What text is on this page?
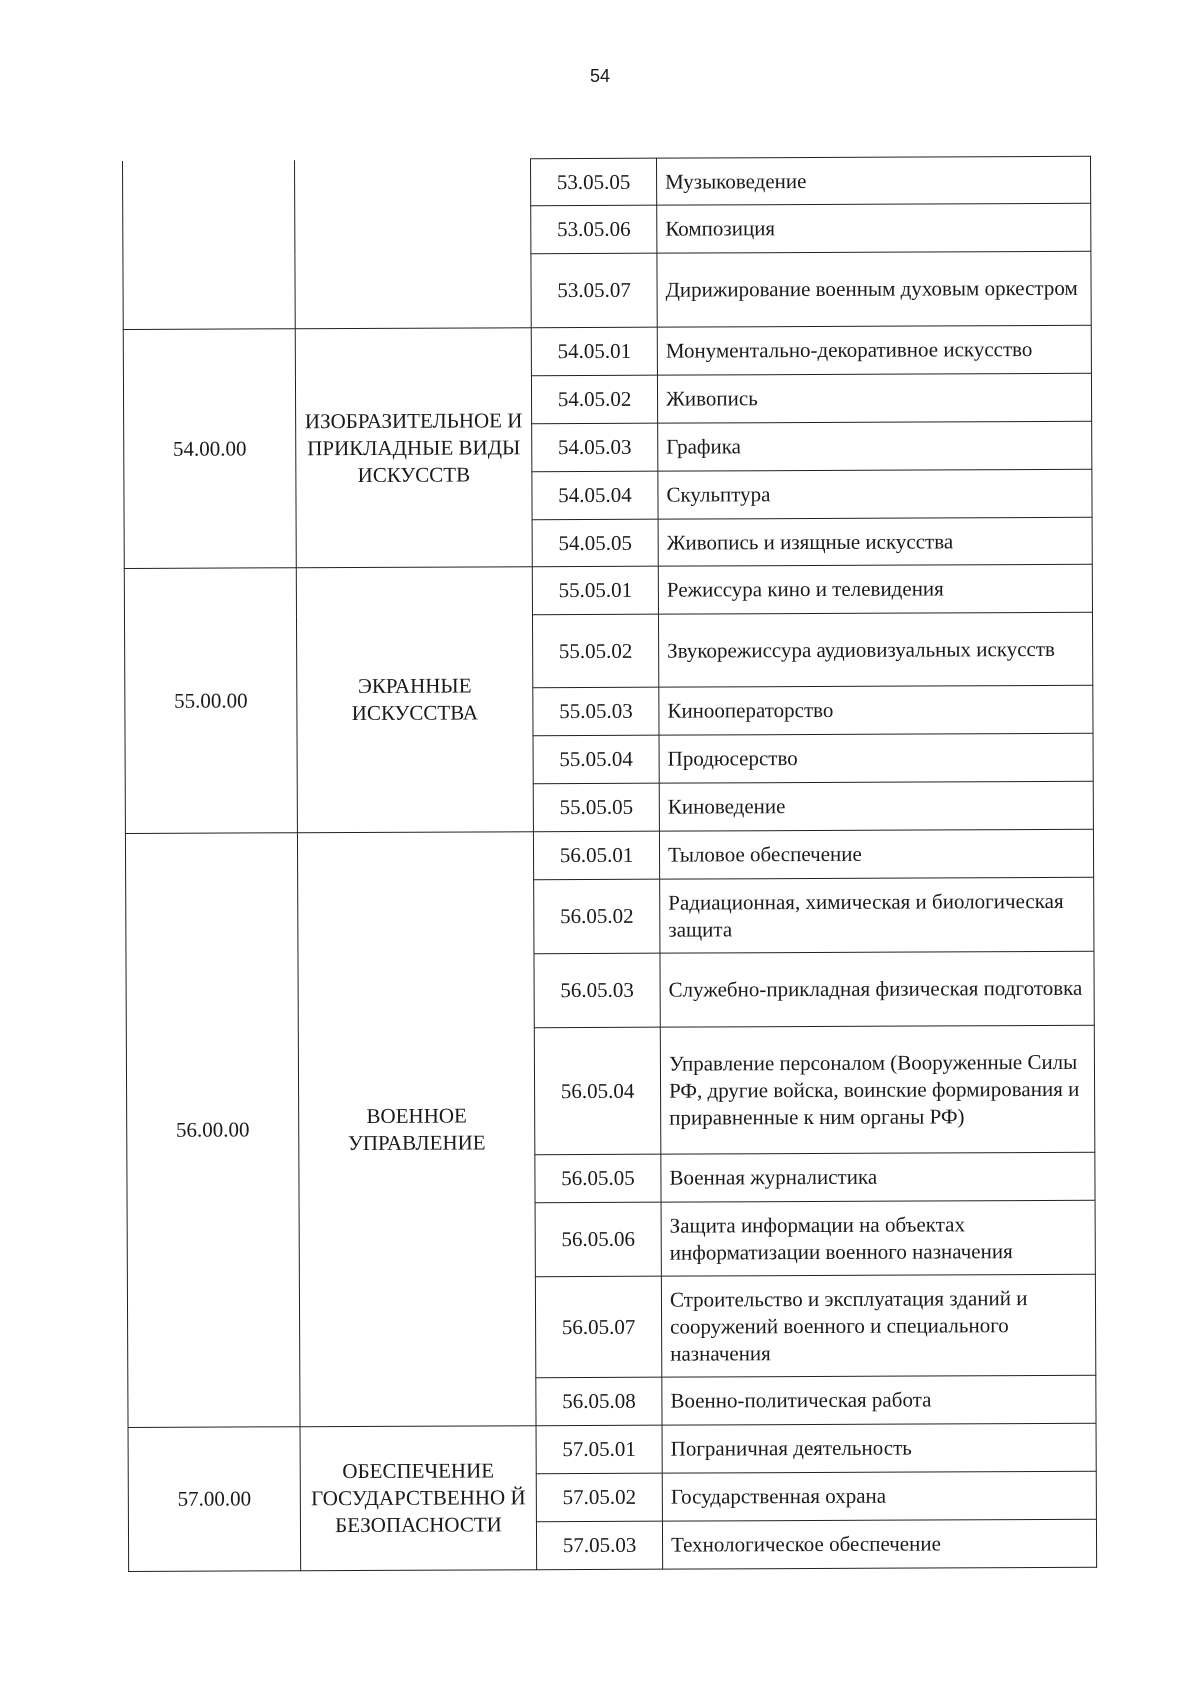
54
		53.05.05	Музыковедение
		53.05.06	Композиция
		53.05.07	Дирижирование военным духовым оркестром
54.00.00	ИЗОБРАЗИТЕЛЬНОЕ И ПРИКЛАДНЫЕ ВИДЫ ИСКУССТВ	54.05.01	Монументально-декоративное искусство
		54.05.02	Живопись
		54.05.03	Графика
		54.05.04	Скульптура
		54.05.05	Живопись и изящные искусства
55.00.00	ЭКРАННЫЕ ИСКУССТВА	55.05.01	Режиссура кино и телевидения
		55.05.02	Звукорежиссура аудиовизуальных искусств
		55.05.03	Кинооператорство
		55.05.04	Продюсерство
		55.05.05	Киноведение
56.00.00	ВОЕННОЕ УПРАВЛЕНИЕ	56.05.01	Тыловое обеспечение
		56.05.02	Радиационная, химическая и биологическая защита
		56.05.03	Служебно-прикладная физическая подготовка
		56.05.04	Управление персоналом (Вооруженные Силы РФ, другие войска, воинские формирования и приравненные к ним органы РФ)
		56.05.05	Военная журналистика
		56.05.06	Защита информации на объектах информатизации военного назначения
		56.05.07	Строительство и эксплуатация зданий и сооружений военного и специального назначения
		56.05.08	Военно-политическая работа
57.00.00	ОБЕСПЕЧЕНИЕ ГОСУДАРСТВЕННО Й БЕЗОПАСНОСТИ	57.05.01	Пограничная деятельность
		57.05.02	Государственная охрана
		57.05.03	Технологическое обеспечение
